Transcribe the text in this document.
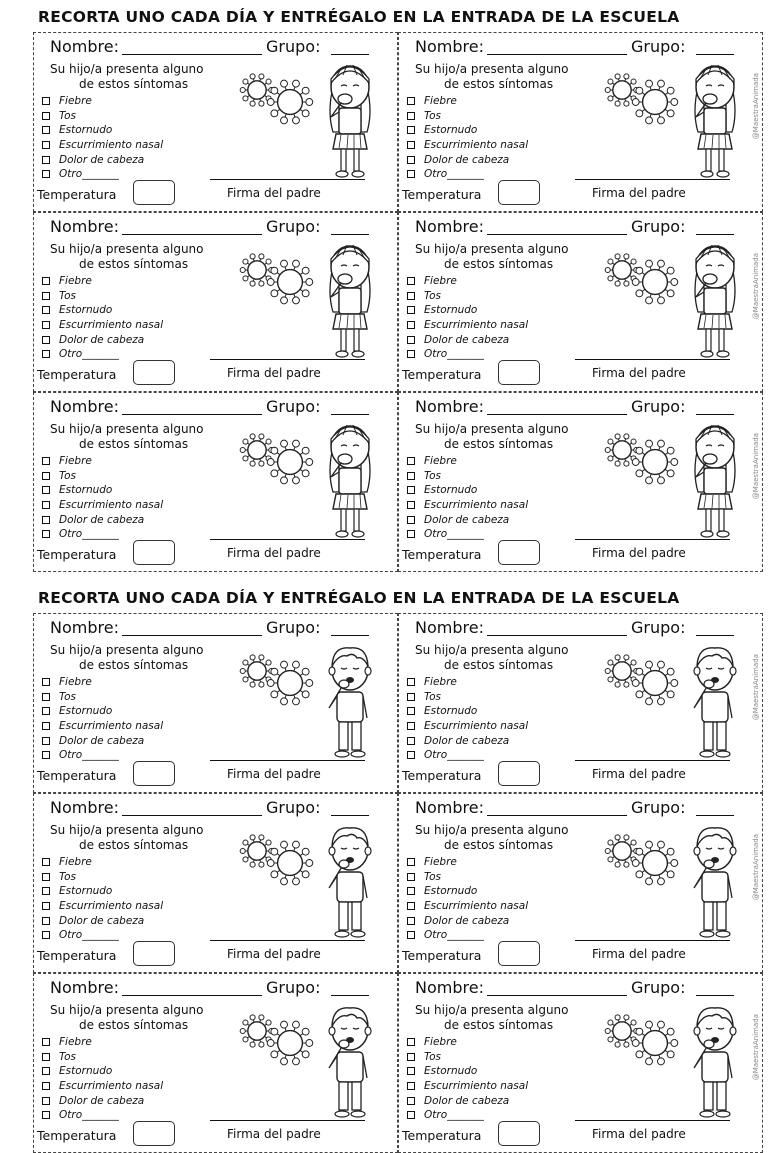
RECORTA UNO CADA DÍA Y ENTRÉGALO EN LA ENTRADA DE LA ESCUELA
Nombre:	Grupo:
Su hijo/a presenta alguno
de estos síntomas
Fiebre
Tos
Estornudo
Escurrimiento nasal
Dolor de cabeza
Otro_______
Temperatura	Firma del padre
Nombre:	Grupo:
Su hijo/a presenta alguno
de estos síntomas
Fiebre
Tos
Estornudo
Escurrimiento nasal
Dolor de cabeza
Otro_______
Temperatura	Firma del padre
@MaestraAnimada
Nombre:	Grupo:
Su hijo/a presenta alguno
de estos síntomas
Fiebre
Tos
Estornudo
Escurrimiento nasal
Dolor de cabeza
Otro_______
Temperatura	Firma del padre
Nombre:	Grupo:
Su hijo/a presenta alguno
de estos síntomas
Fiebre
Tos
Estornudo
Escurrimiento nasal
Dolor de cabeza
Otro_______
Temperatura	Firma del padre
@MaestraAnimada
Nombre:	Grupo:
Su hijo/a presenta alguno
de estos síntomas
Fiebre
Tos
Estornudo
Escurrimiento nasal
Dolor de cabeza
Otro_______
Temperatura	Firma del padre
Nombre:	Grupo:
Su hijo/a presenta alguno
de estos síntomas
Fiebre
Tos
Estornudo
Escurrimiento nasal
Dolor de cabeza
Otro_______
Temperatura	Firma del padre
@MaestraAnimada
RECORTA UNO CADA DÍA Y ENTRÉGALO EN LA ENTRADA DE LA ESCUELA
Nombre:	Grupo:
Su hijo/a presenta alguno
de estos síntomas
Fiebre
Tos
Estornudo
Escurrimiento nasal
Dolor de cabeza
Otro_______
Temperatura	Firma del padre
Nombre:	Grupo:
Su hijo/a presenta alguno
de estos síntomas
Fiebre
Tos
Estornudo
Escurrimiento nasal
Dolor de cabeza
Otro_______
Temperatura	Firma del padre
@MaestraAnimada
Nombre:	Grupo:
Su hijo/a presenta alguno
de estos síntomas
Fiebre
Tos
Estornudo
Escurrimiento nasal
Dolor de cabeza
Otro_______
Temperatura	Firma del padre
Nombre:	Grupo:
Su hijo/a presenta alguno
de estos síntomas
Fiebre
Tos
Estornudo
Escurrimiento nasal
Dolor de cabeza
Otro_______
Temperatura	Firma del padre
@MaestraAnimada
Nombre:	Grupo:
Su hijo/a presenta alguno
de estos síntomas
Fiebre
Tos
Estornudo
Escurrimiento nasal
Dolor de cabeza
Otro_______
Temperatura	Firma del padre
Nombre:	Grupo:
Su hijo/a presenta alguno
de estos síntomas
Fiebre
Tos
Estornudo
Escurrimiento nasal
Dolor de cabeza
Otro_______
Temperatura	Firma del padre
@MaestraAnimada
